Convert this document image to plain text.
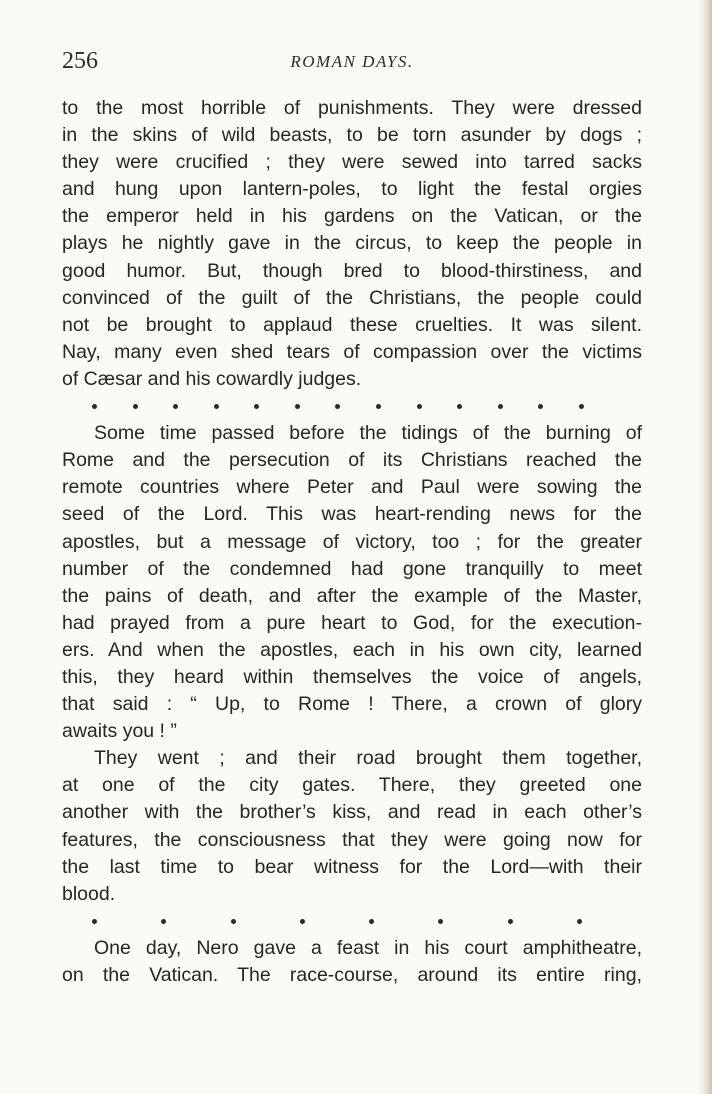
256	ROMAN DAYS.
to the most horrible of punishments. They were dressed
in the skins of wild beasts, to be torn asunder by dogs ;
they were crucified ; they were sewed into tarred sacks
and hung upon lantern-poles, to light the festal orgies
the emperor held in his gardens on the Vatican, or the
plays he nightly gave in the circus, to keep the people in
good humor. But, though bred to blood-thirstiness, and
convinced of the guilt of the Christians, the people could
not be brought to applaud these cruelties. It was silent.
Nay, many even shed tears of compassion over the victims
of Cæsar and his cowardly judges.
Some time passed before the tidings of the burning of
Rome and the persecution of its Christians reached the
remote countries where Peter and Paul were sowing the
seed of the Lord. This was heart-rending news for the
apostles, but a message of victory, too ; for the greater
number of the condemned had gone tranquilly to meet
the pains of death, and after the example of the Master,
had prayed from a pure heart to God, for the execution-
ers. And when the apostles, each in his own city, learned
this, they heard within themselves the voice of angels,
that said : “ Up, to Rome ! There, a crown of glory
awaits you ! ”
They went ; and their road brought them together,
at one of the city gates. There, they greeted one
another with the brother’s kiss, and read in each other’s
features, the consciousness that they were going now for
the last time to bear witness for the Lord—with their
blood.
One day, Nero gave a feast in his court amphitheatre,
on the Vatican. The race-course, around its entire ring,
